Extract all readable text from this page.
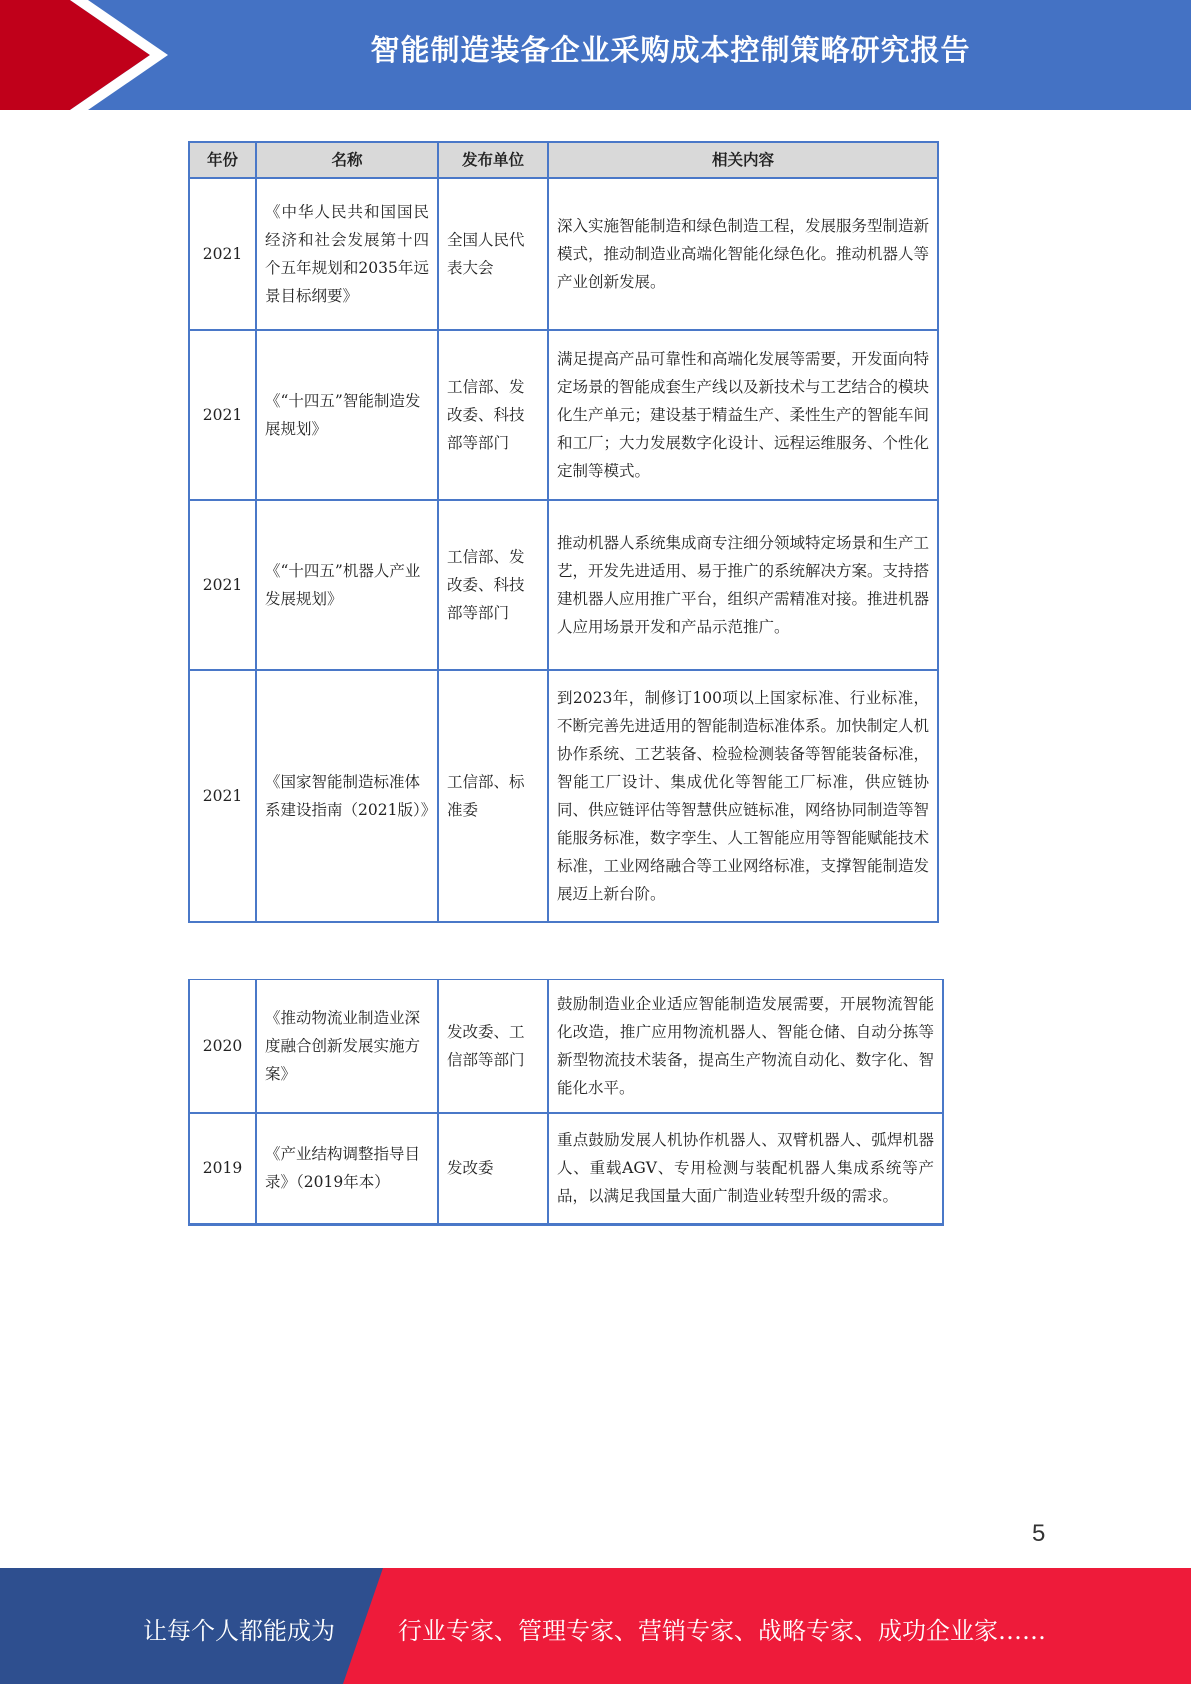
智能制造装备企业采购成本控制策略研究报告
年份	名称	发布单位	相关内容
2021	《中华人民共和国国民经济和社会发展第十四个五年规划和2035年远景目标纲要》	全国人民代表大会	深入实施智能制造和绿色制造工程，发展服务型制造新模式，推动制造业高端化智能化绿色化。推动机器人等产业创新发展。
2021	《“十四五”智能制造发展规划》	工信部、发改委、科技部等部门	满足提高产品可靠性和高端化发展等需要，开发面向特定场景的智能成套生产线以及新技术与工艺结合的模块化生产单元；建设基于精益生产、柔性生产的智能车间和工厂；大力发展数字化设计、远程运维服务、个性化定制等模式。
2021	《“十四五”机器人产业发展规划》	工信部、发改委、科技部等部门	推动机器人系统集成商专注细分领域特定场景和生产工艺，开发先进适用、易于推广的系统解决方案。支持搭建机器人应用推广平台，组织产需精准对接。推进机器人应用场景开发和产品示范推广。
2021	《国家智能制造标准体系建设指南（2021版）》	工信部、标准委	到2023年，制修订100项以上国家标准、行业标准，不断完善先进适用的智能制造标准体系。加快制定人机协作系统、工艺装备、检验检测装备等智能装备标准，智能工厂设计、集成优化等智能工厂标准，供应链协同、供应链评估等智慧供应链标准，网络协同制造等智能服务标准，数字孪生、人工智能应用等智能赋能技术标准，工业网络融合等工业网络标准，支撑智能制造发展迈上新台阶。
2020	《推动物流业制造业深度融合创新发展实施方案》	发改委、工信部等部门	鼓励制造业企业适应智能制造发展需要，开展物流智能化改造，推广应用物流机器人、智能仓储、自动分拣等新型物流技术装备，提高生产物流自动化、数字化、智能化水平。
2019	《产业结构调整指导目录》（2019年本）	发改委	重点鼓励发展人机协作机器人、双臂机器人、弧焊机器人、重载AGV、专用检测与装配机器人集成系统等产品，以满足我国量大面广制造业转型升级的需求。
5
让每个人都能成为	行业专家、管理专家、营销专家、战略专家、成功企业家……
